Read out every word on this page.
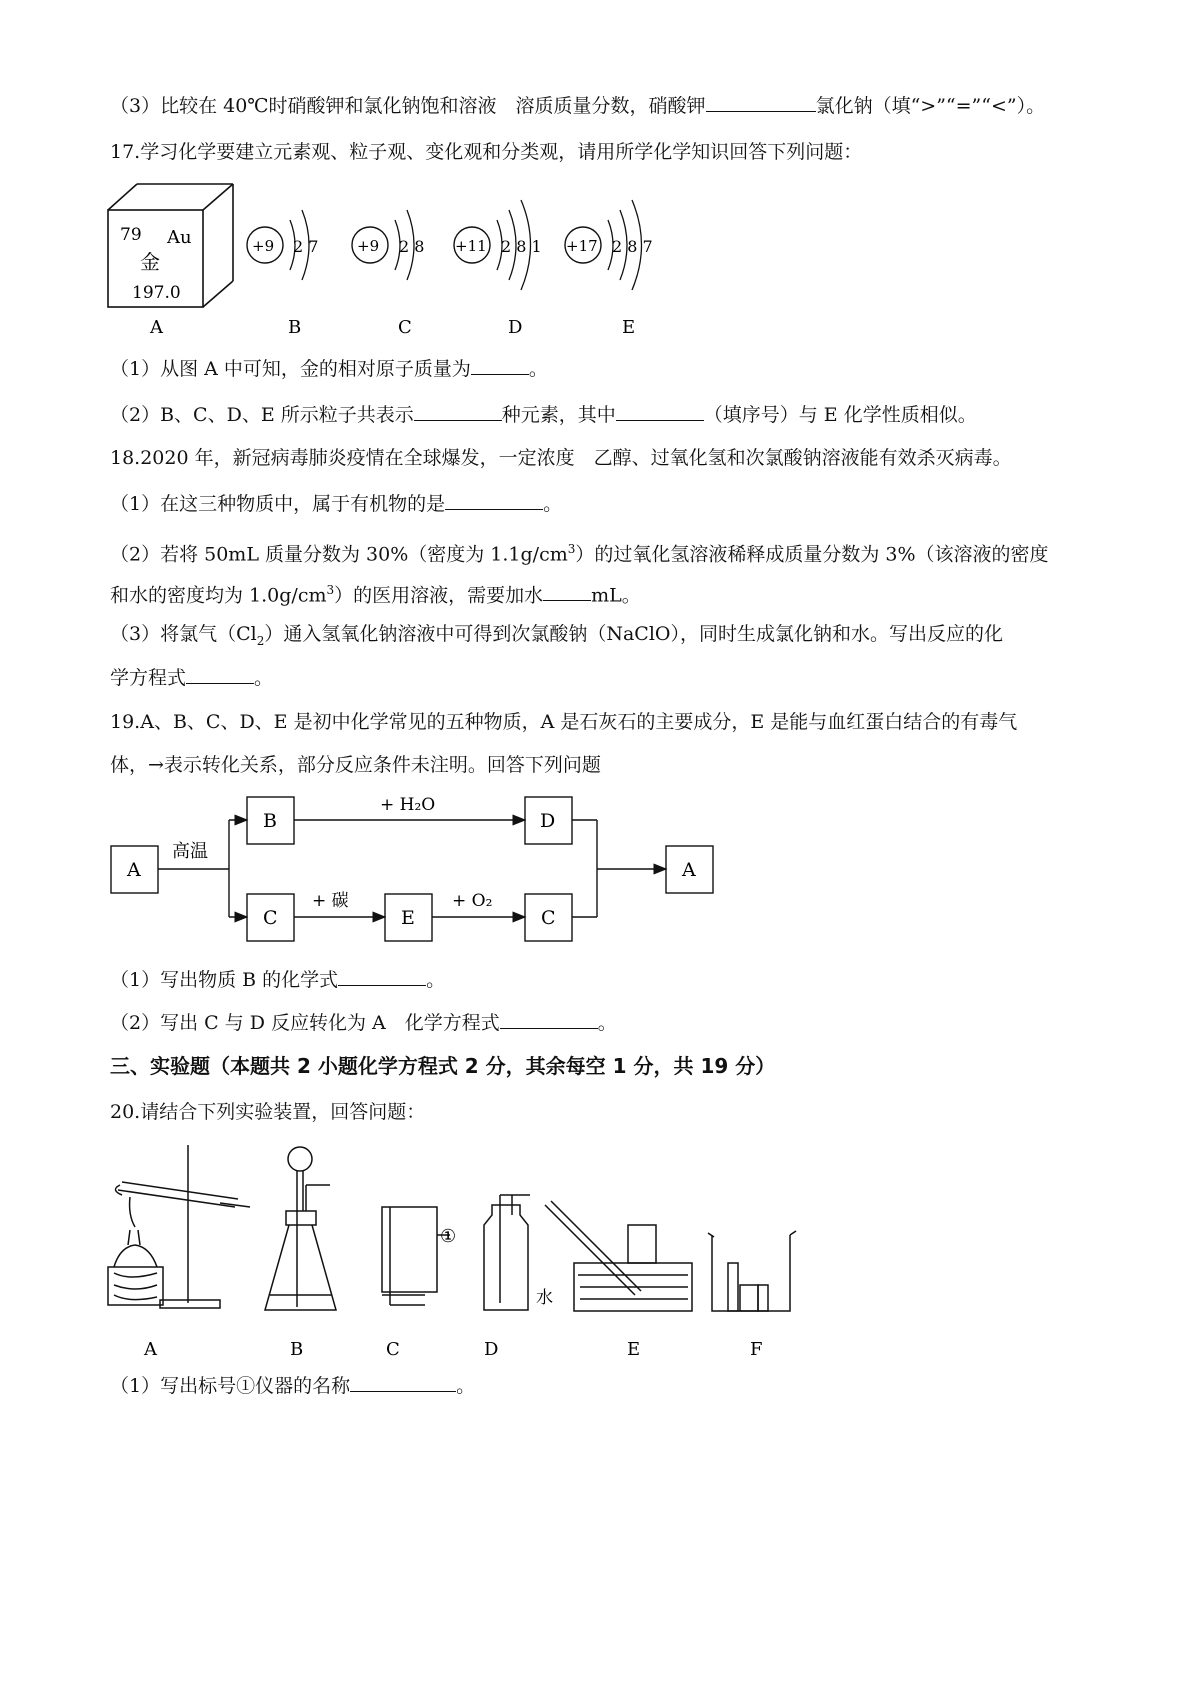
（3）比较在 40℃时硝酸钾和氯化钠饱和溶液　溶质质量分数，硝酸钾	氯化钠（填“>”“=”“<”）。
17.学习化学要建立元素观、粒子观、变化观和分类观，请用所学化学知识回答下列问题：
79 Au
金
197.0
+9 2 7	+9 2 8 +11 2 8 1 +17 2 8 7
A	B	C	D	E
（1）从图 A 中可知，金的相对原子质量为	。
（2）B、C、D、E 所示粒子共表示	种元素，其中	（填序号）与 E 化学性质相似。
18.2020 年，新冠病毒肺炎疫情在全球爆发，一定浓度　乙醇、过氧化氢和次氯酸钠溶液能有效杀灭病毒。
（1）在这三种物质中，属于有机物的是	。
（2）若将 50mL 质量分数为 30%（密度为 $1.1g/cm^3$）的过氧化氢溶液稀释成质量分数为 3%（该溶液的密度
和水的密度均为 $1.0g/cm^3$）的医用溶液，需要加水	mL。
（3）将氯气$(Cl_2)$通入氢氧化钠溶液中可得到次氯酸钠（NaClO），同时生成氯化钠和水。写出反应的化
学方程式	。
19.A、B、C、D、E 是初中化学常见的五种物质，A 是石灰石的主要成分，E 是能与血红蛋白结合的有毒气
体，→表示转化关系，部分反应条件未注明。回答下列问题
A
B	D
C	E	C
A
高温
+ H₂O
+ 碳	+ O₂
（1）写出物质 B 的化学式	。
（2）写出 C 与 D 反应转化为 A　化学方程式	。
三、实验题（本题共 2 小题化学方程式 2 分，其余每空 1 分，共 19 分）
20.请结合下列实验装置，回答问题：
①
水
A	B	C	D	E	F
（1）写出标号①仪器的名称	。
